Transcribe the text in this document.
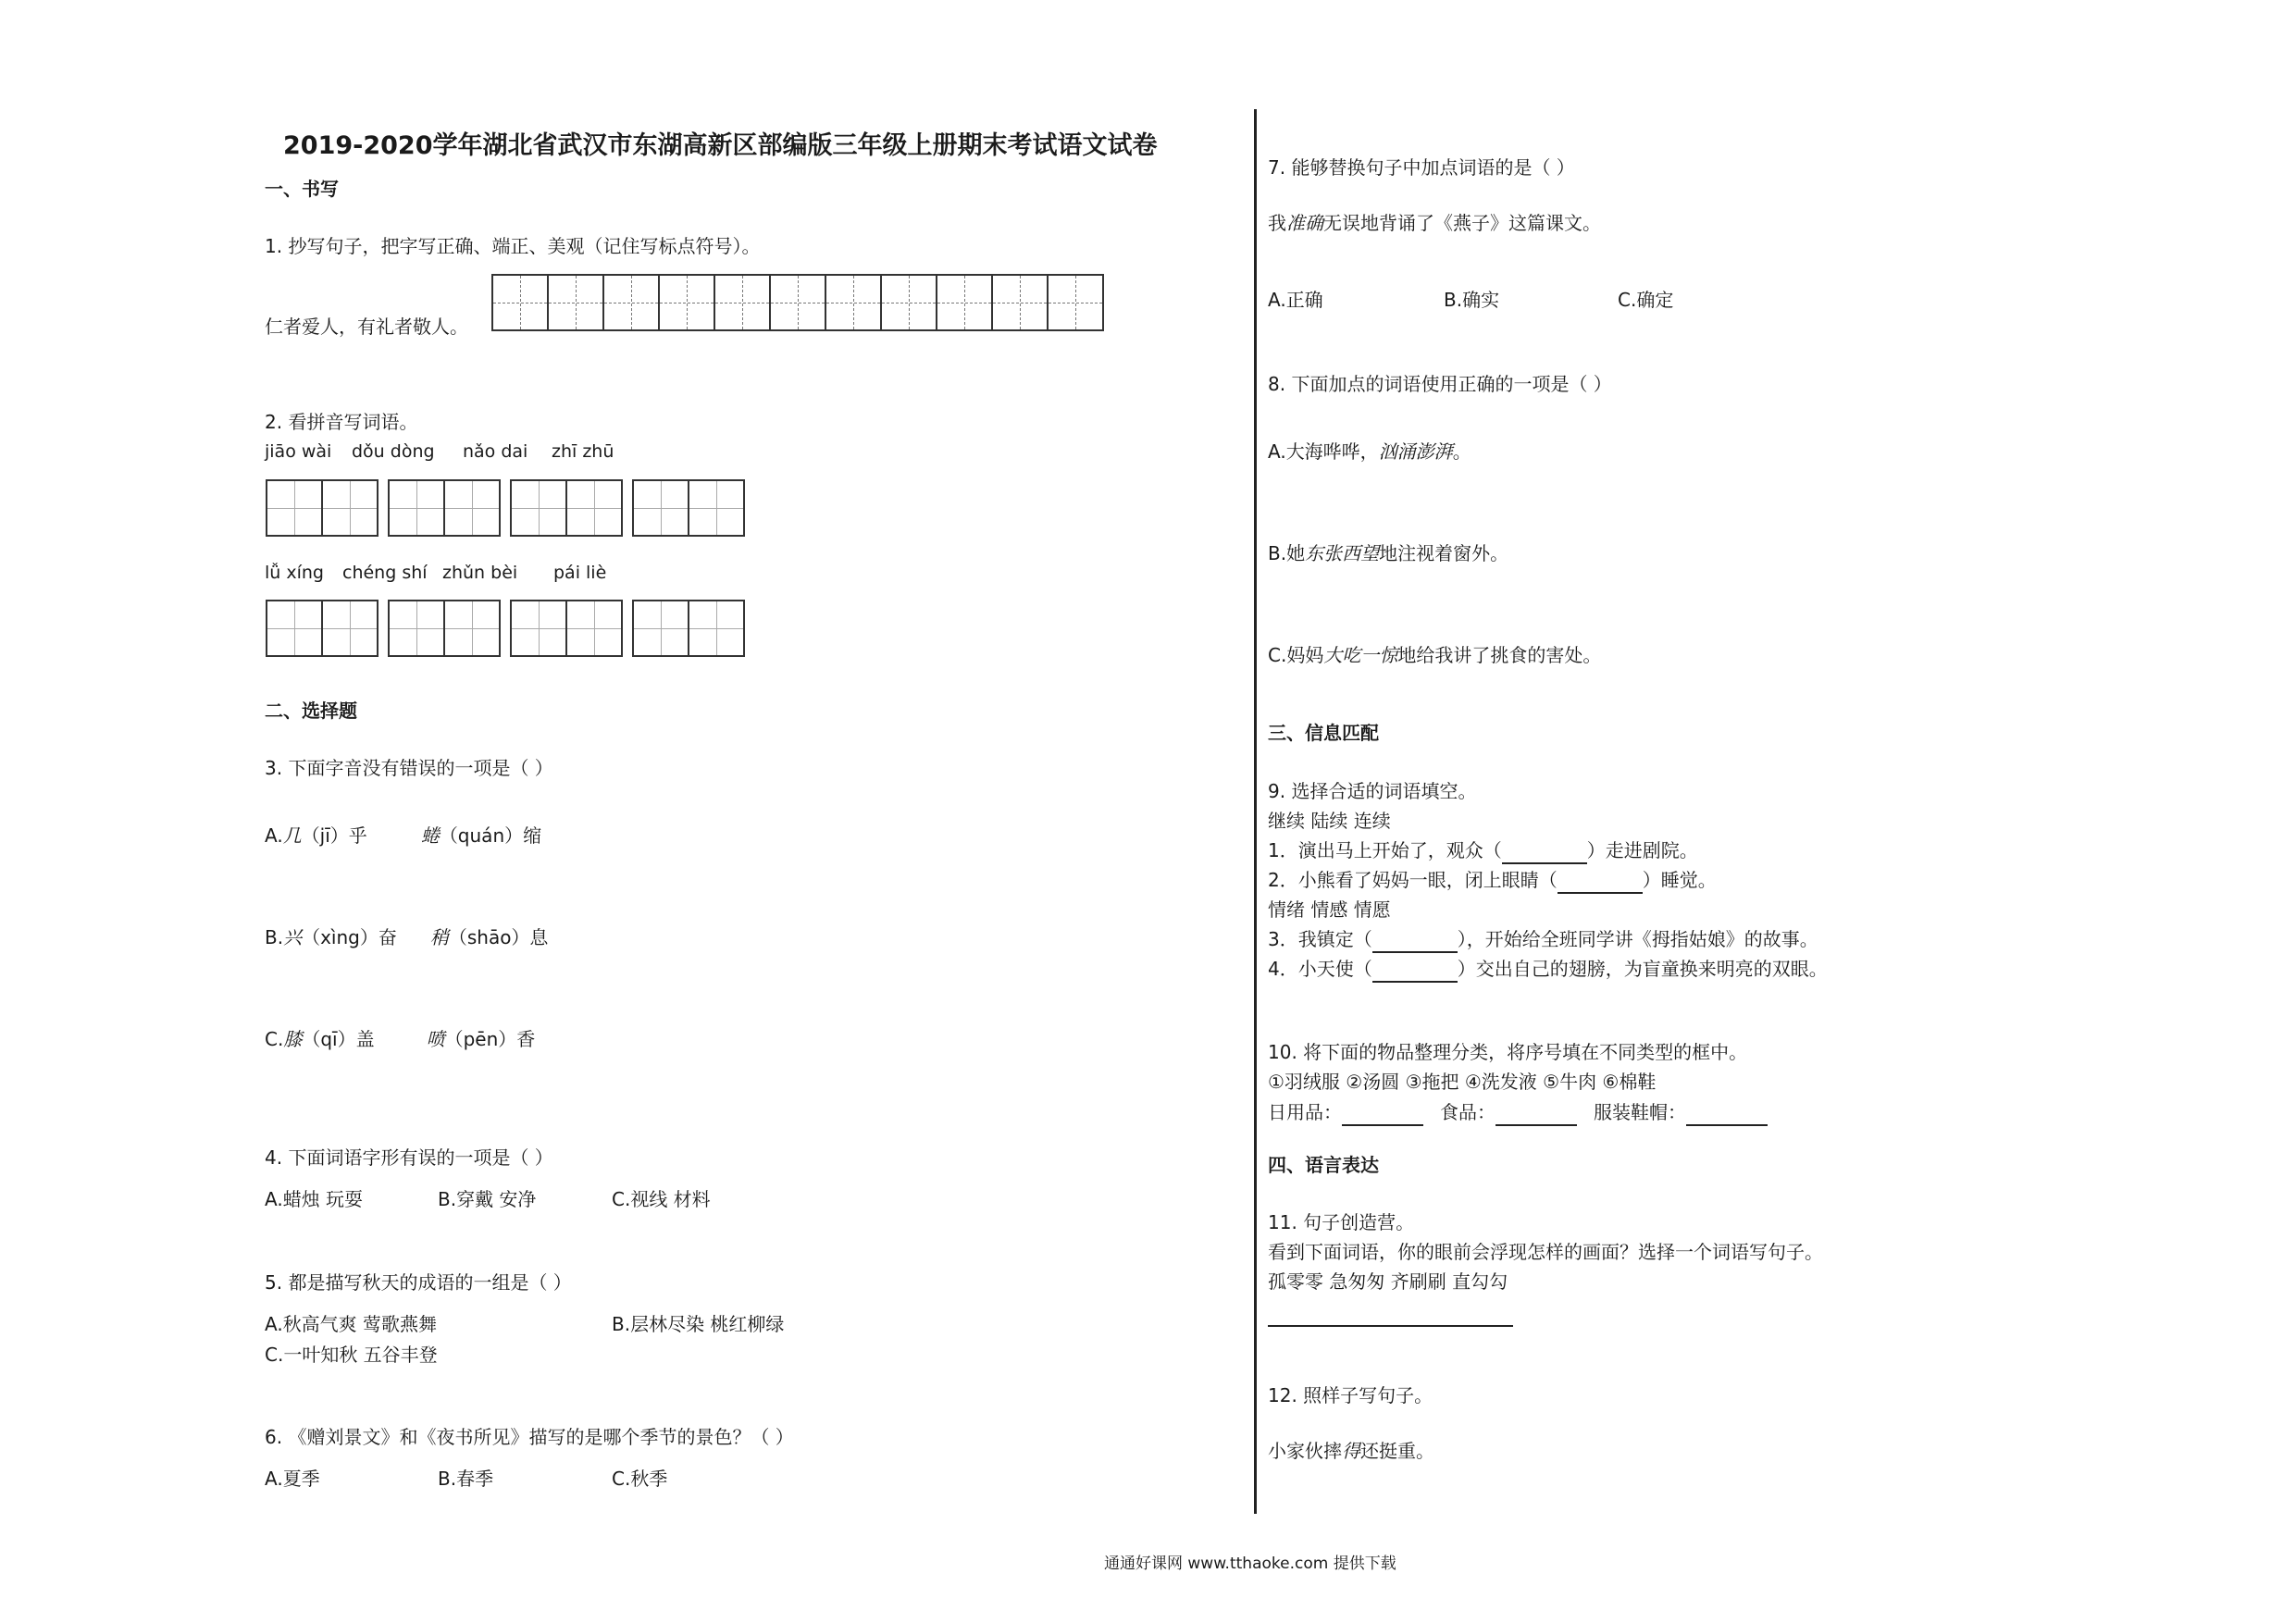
2019-2020学年湖北省武汉市东湖高新区部编版三年级上册期末考试语文试卷
一、书写
1. 抄写句子，把字写正确、端正、美观（记住写标点符号）。
仁者爱人，有礼者敬人。
2. 看拼音写词语。
jiāo wài dǒu dòng nǎo dai zhī zhū
lǚ xíng chéng shí zhǔn bèi pái liè
二、选择题
3. 下面字音没有错误的一项是（ ）
A.几（jī）乎	蜷（quán）缩
B.兴（xìng）奋 稍（shāo）息
C.膝（qī）盖	喷（pēn）香
4. 下面词语字形有误的一项是（ ）
A.蜡烛 玩耍	B.穿戴 安净	C.视线 材料
5. 都是描写秋天的成语的一组是（ ）
A.秋高气爽 莺歌燕舞	B.层林尽染 桃红柳绿
C.一叶知秋 五谷丰登
6. 《赠刘景文》和《夜书所见》描写的是哪个季节的景色？（ ）
A.夏季	B.春季	C.秋季
7. 能够替换句子中加点词语的是（ ）
我准确无误地背诵了《燕子》这篇课文。
A.正确	B.确实	C.确定
8. 下面加点的词语使用正确的一项是（ ）
A.大海哗哗，汹涌澎湃。
B.她东张西望地注视着窗外。
C.妈妈大吃一惊地给我讲了挑食的害处。
三、信息匹配
9. 选择合适的词语填空。
继续 陆续 连续
1．演出马上开始了，观众（	）走进剧院。
2．小熊看了妈妈一眼，闭上眼睛（	）睡觉。
情绪 情感 情愿
3．我镇定（	），开始给全班同学讲《拇指姑娘》的故事。
4．小天使（	）交出自己的翅膀，为盲童换来明亮的双眼。
10. 将下面的物品整理分类，将序号填在不同类型的框中。
①羽绒服 ②汤圆 ③拖把 ④洗发液 ⑤牛肉 ⑥棉鞋
日用品：	食品：	服装鞋帽：
四、语言表达
11. 句子创造营。
看到下面词语，你的眼前会浮现怎样的画面？选择一个词语写句子。
孤零零 急匆匆 齐刷刷 直勾勾
12. 照样子写句子。
小家伙摔得还挺重。
通通好课网 www.tthaoke.com 提供下载
